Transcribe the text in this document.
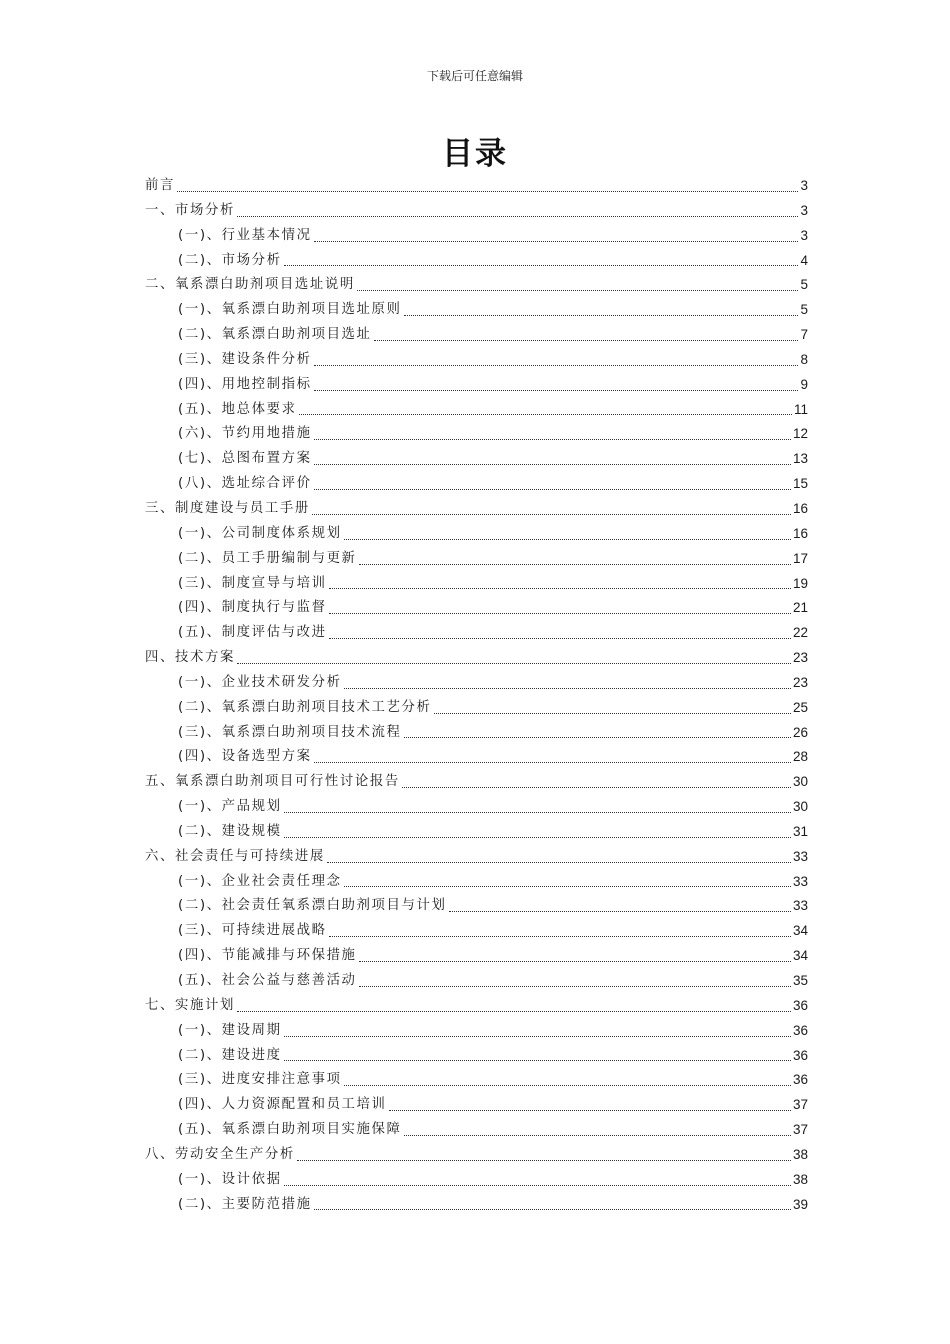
下载后可任意编辑
目录
前言	3
一、市场分析	3
(一)、行业基本情况	3
(二)、市场分析	4
二、氧系漂白助剂项目选址说明	5
(一)、氧系漂白助剂项目选址原则	5
(二)、氧系漂白助剂项目选址	7
(三)、建设条件分析	8
(四)、用地控制指标	9
(五)、地总体要求	11
(六)、节约用地措施	12
(七)、总图布置方案	13
(八)、选址综合评价	15
三、制度建设与员工手册	16
(一)、公司制度体系规划	16
(二)、员工手册编制与更新	17
(三)、制度宣导与培训	19
(四)、制度执行与监督	21
(五)、制度评估与改进	22
四、技术方案	23
(一)、企业技术研发分析	23
(二)、氧系漂白助剂项目技术工艺分析	25
(三)、氧系漂白助剂项目技术流程	26
(四)、设备选型方案	28
五、氧系漂白助剂项目可行性讨论报告	30
(一)、产品规划	30
(二)、建设规模	31
六、社会责任与可持续进展	33
(一)、企业社会责任理念	33
(二)、社会责任氧系漂白助剂项目与计划	33
(三)、可持续进展战略	34
(四)、节能减排与环保措施	34
(五)、社会公益与慈善活动	35
七、实施计划	36
(一)、建设周期	36
(二)、建设进度	36
(三)、进度安排注意事项	36
(四)、人力资源配置和员工培训	37
(五)、氧系漂白助剂项目实施保障	37
八、劳动安全生产分析	38
(一)、设计依据	38
(二)、主要防范措施	39
